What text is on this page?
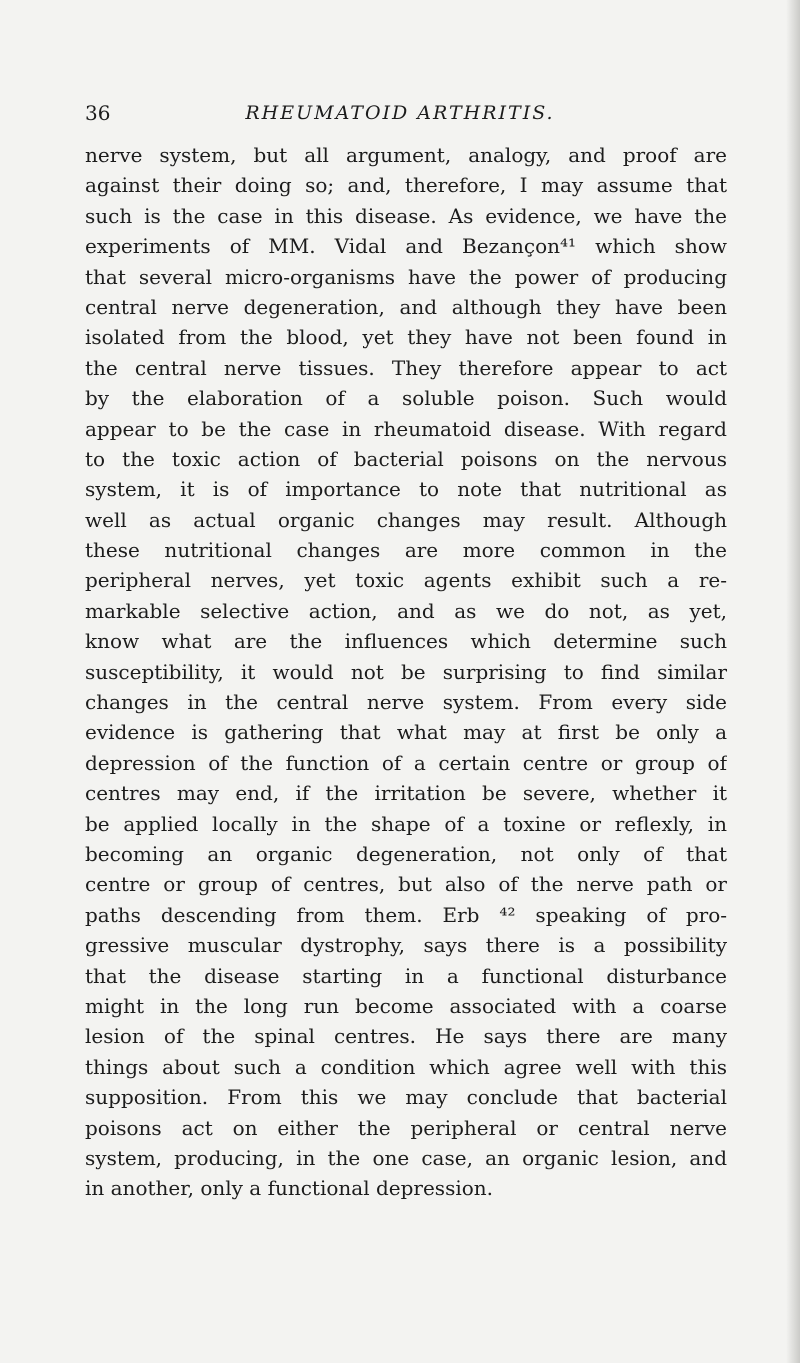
36	RHEUMATOID ARTHRITIS.
nerve system, but all argument, analogy, and proof are
against their doing so; and, therefore, I may assume that
such is the case in this disease. As evidence, we have the
experiments of MM. Vidal and Bezançon⁴¹ which show
that several micro-organisms have the power of producing
central nerve degeneration, and although they have been
isolated from the blood, yet they have not been found in
the central nerve tissues. They therefore appear to act
by the elaboration of a soluble poison. Such would
appear to be the case in rheumatoid disease. With regard
to the toxic action of bacterial poisons on the nervous
system, it is of importance to note that nutritional as
well as actual organic changes may result. Although
these nutritional changes are more common in the
peripheral nerves, yet toxic agents exhibit such a re-
markable selective action, and as we do not, as yet,
know what are the influences which determine such
susceptibility, it would not be surprising to find similar
changes in the central nerve system. From every side
evidence is gathering that what may at first be only a
depression of the function of a certain centre or group of
centres may end, if the irritation be severe, whether it
be applied locally in the shape of a toxine or reflexly, in
becoming an organic degeneration, not only of that
centre or group of centres, but also of the nerve path or
paths descending from them. Erb ⁴² speaking of pro-
gressive muscular dystrophy, says there is a possibility
that the disease starting in a functional disturbance
might in the long run become associated with a coarse
lesion of the spinal centres. He says there are many
things about such a condition which agree well with this
supposition. From this we may conclude that bacterial
poisons act on either the peripheral or central nerve
system, producing, in the one case, an organic lesion, and
in another, only a functional depression.
